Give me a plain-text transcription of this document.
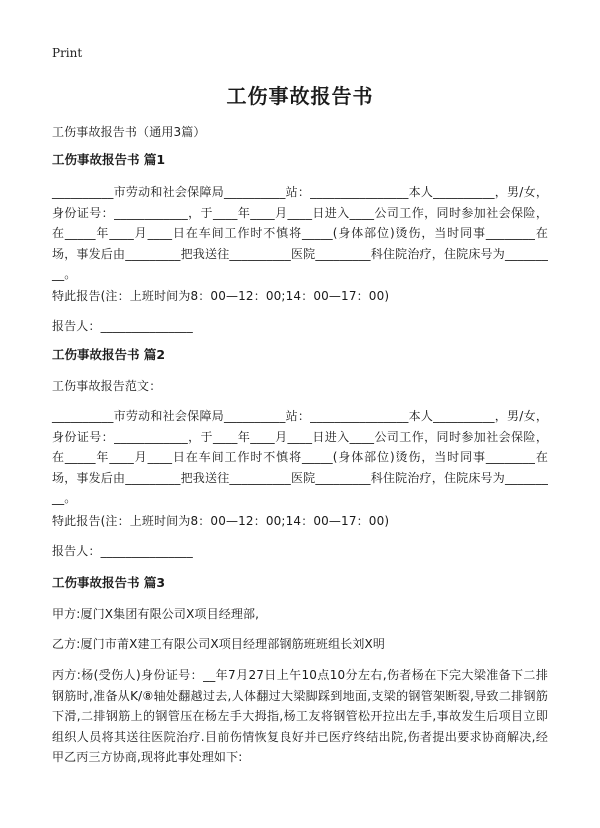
Print
工伤事故报告书
工伤事故报告书（通用3篇）
工伤事故报告书 篇1
__________市劳动和社会保障局__________站：________________本人__________，男/女，身份证号：____________，于____年____月____日进入____公司工作，同时参加社会保险，在_____年____月____日在车间工作时不慎将_____(身体部位)烫伤，当时同事________在场，事发后由_________把我送往__________医院_________科住院治疗，住院床号为_________。
特此报告(注：上班时间为8：00—12：00;14：00—17：00)
报告人：_______________
工伤事故报告书 篇2
工伤事故报告范文：
__________市劳动和社会保障局__________站：________________本人__________，男/女，身份证号：____________，于____年____月____日进入____公司工作，同时参加社会保险，在_____年____月____日在车间工作时不慎将_____(身体部位)烫伤，当时同事________在场，事发后由_________把我送往__________医院_________科住院治疗，住院床号为_________。
特此报告(注：上班时间为8：00—12：00;14：00—17：00)
报告人：_______________
工伤事故报告书 篇3
甲方:厦门X集团有限公司X项目经理部,
乙方:厦门市莆X建工有限公司X项目经理部钢筋班班组长刘X明
丙方:杨(受伤人)身份证号：__年7月27日上午10点10分左右,伤者杨在下完大梁准备下二排钢筋时,准备从K/⑧轴处翻越过去,人体翻过大梁脚踩到地面,支梁的钢管架断裂,导致二排钢筋下滑,二排钢筋上的钢管压在杨左手大拇指,杨工友将钢管松开拉出左手,事故发生后项目立即组织人员将其送往医院治疗.目前伤情恢复良好并已医疗终结出院,伤者提出要求协商解决,经甲乙丙三方协商,现将此事处理如下:
